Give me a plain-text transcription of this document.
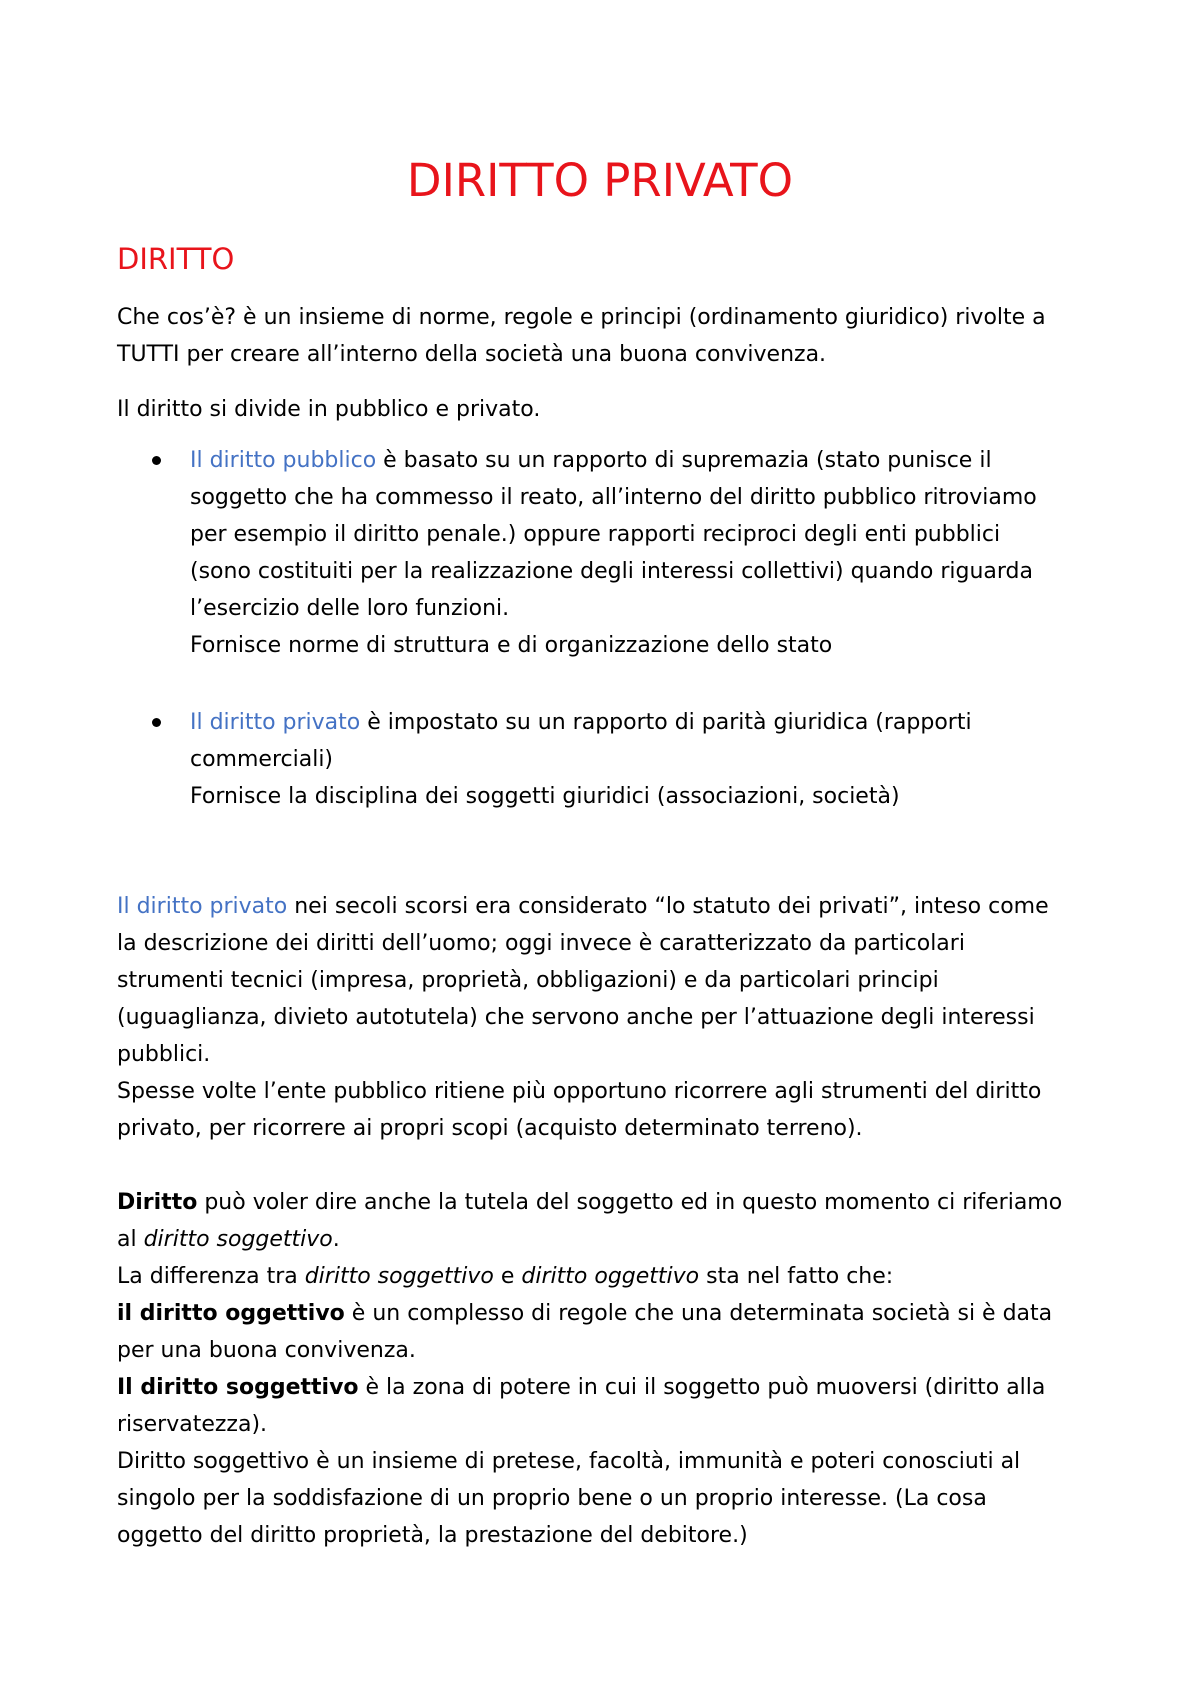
DIRITTO PRIVATO
DIRITTO

Che cos’è? è un insieme di norme, regole e principi (ordinamento giuridico) rivolte a

TUTTI per creare all’interno della società una buona convivenza.

Il diritto si divide in pubblico e privato.

Il diritto pubblico è basato su un rapporto di supremazia (stato punisce il

soggetto che ha commesso il reato, all’interno del diritto pubblico ritroviamo

per esempio il diritto penale.) oppure rapporti reciproci degli enti pubblici

(sono costituiti per la realizzazione degli interessi collettivi) quando riguarda

l’esercizio delle loro funzioni.

Fornisce norme di struttura e di organizzazione dello stato

Il diritto privato è impostato su un rapporto di parità giuridica (rapporti

commerciali)

Fornisce la disciplina dei soggetti giuridici (associazioni, società)

Il diritto privato nei secoli scorsi era considerato “lo statuto dei privati”, inteso come

la descrizione dei diritti dell’uomo; oggi invece è caratterizzato da particolari

strumenti tecnici (impresa, proprietà, obbligazioni) e da particolari principi

(uguaglianza, divieto autotutela) che servono anche per l’attuazione degli interessi

pubblici.

Spesse volte l’ente pubblico ritiene più opportuno ricorrere agli strumenti del diritto

privato, per ricorrere ai propri scopi (acquisto determinato terreno).

Diritto può voler dire anche la tutela del soggetto ed in questo momento ci riferiamo

al diritto soggettivo.

La differenza tra diritto soggettivo e diritto oggettivo sta nel fatto che:

il diritto oggettivo è un complesso di regole che una determinata società si è data

per una buona convivenza.

Il diritto soggettivo è la zona di potere in cui il soggetto può muoversi (diritto alla

riservatezza).

Diritto soggettivo è un insieme di pretese, facoltà, immunità e poteri conosciuti al

singolo per la soddisfazione di un proprio bene o un proprio interesse. (La cosa

oggetto del diritto proprietà, la prestazione del debitore.)
